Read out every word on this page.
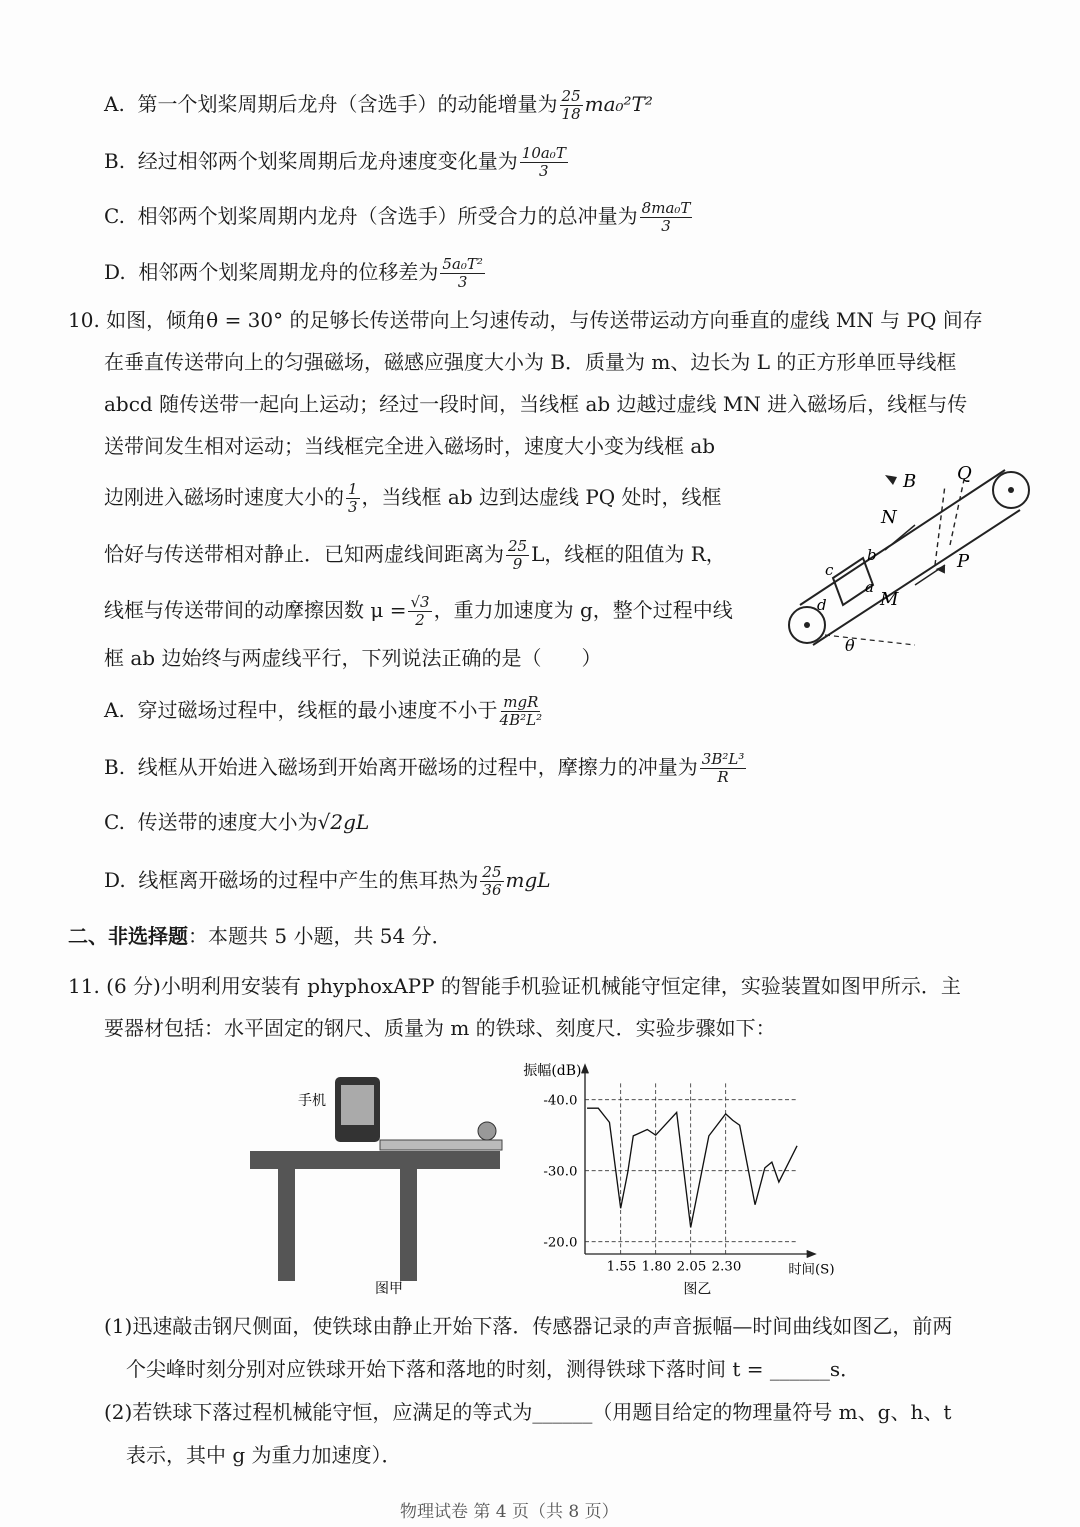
A. 第一个划桨周期后龙舟（含选手）的动能增量为 $\frac{25}{18} ma_0^2T^2$
B. 经过相邻两个划桨周期后龙舟速度变化量为 $\frac{\text{10a₀T}}{3}$
C. 相邻两个划桨周期内龙舟（含选手）所受合力的总冲量为 $\frac{\text{8ma₀T}}{3}$
D. 相邻两个划桨周期龙舟的位移差为 $\frac{\text{5a₀T²}}{3}$
10. 如图，倾角θ = 30° 的足够长传送带向上匀速传动，与传送带运动方向垂直的虚线 MN 与 PQ 间存
在垂直传送带向上的匀强磁场，磁感应强度大小为 B．质量为 m、边长为 L 的正方形单匝导线框
abcd 随传送带一起向上运动；经过一段时间，当线框 ab 边越过虚线 MN 进入磁场后，线框与传
送带间发生相对运动；当线框完全进入磁场时，速度大小变为线框 ab
边刚进入磁场时速度大小的 $\frac{1}{3}$ ，当线框 ab 边到达虚线 PQ 处时，线框
恰好与传送带相对静止．已知两虚线间距离为 $\frac{25}{9}$ L，线框的阻值为 R，
线框与传送带间的动摩擦因数 $\mu = \frac{√3}{2}$ ，重力加速度为 g，整个过程中线
框 ab 边始终与两虚线平行，下列说法正确的是（　　）
B Q
N
P
M
a
b
c
d
θ
A. 穿过磁场过程中，线框的最小速度不小于 $\frac{\text{mgR}}{\text{4B²L²}}$
B. 线框从开始进入磁场到开始离开磁场的过程中，摩擦力的冲量为 $\frac{\text{3B²L³}}{R}$
C. 传送带的速度大小为√2gL
D. 线框离开磁场的过程中产生的焦耳热为 $\frac{25}{36}$ mgL
二、非选择题：本题共 5 小题，共 54 分．
11. (6 分)小明利用安装有 phyphoxAPP 的智能手机验证机械能守恒定律，实验装置如图甲所示．主
要器材包括：水平固定的钢尺、质量为 m 的铁球、刻度尺．实验步骤如下：
手机
图甲
-20.0
-30.0
-40.0
1.55 1.80 2.05 2.30
振幅(dB)
时间(S)
图乙
(1)迅速敲击钢尺侧面，使铁球由静止开始下落．传感器记录的声音振幅—时间曲线如图乙，前两
个尖峰时刻分别对应铁球开始下落和落地的时刻，测得铁球下落时间 t = ______s．
(2)若铁球下落过程机械能守恒，应满足的等式为______（用题目给定的物理量符号 m、g、h、t
表示，其中 g 为重力加速度）．
物理试卷 第 4 页（共 8 页）
